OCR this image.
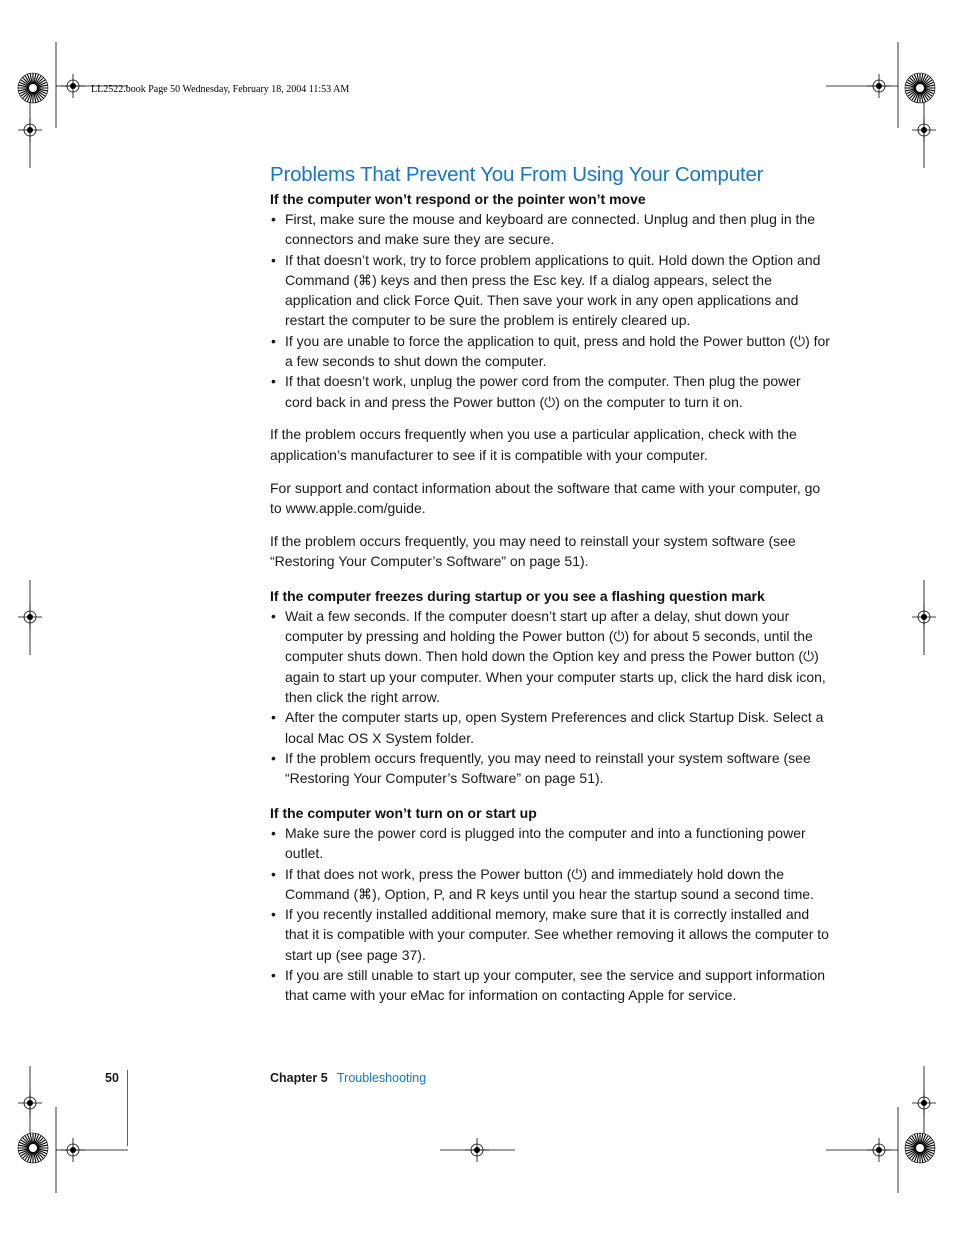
LL2522.book Page 50 Wednesday, February 18, 2004 11:53 AM
Problems That Prevent You From Using Your Computer
If the computer won’t respond or the pointer won’t move
• First, make sure the mouse and keyboard are connected. Unplug and then plug in the connectors and make sure they are secure.
• If that doesn’t work, try to force problem applications to quit. Hold down the Option and Command (⌘) keys and then press the Esc key. If a dialog appears, select the application and click Force Quit. Then save your work in any open applications and restart the computer to be sure the problem is entirely cleared up.
• If you are unable to force the application to quit, press and hold the Power button (⏻) for a few seconds to shut down the computer.
• If that doesn’t work, unplug the power cord from the computer. Then plug the power cord back in and press the Power button (⏻) on the computer to turn it on.

If the problem occurs frequently when you use a particular application, check with the application’s manufacturer to see if it is compatible with your computer.

For support and contact information about the software that came with your computer, go to www.apple.com/guide.

If the problem occurs frequently, you may need to reinstall your system software (see “Restoring Your Computer’s Software” on page 51).

If the computer freezes during startup or you see a flashing question mark
• Wait a few seconds. If the computer doesn’t start up after a delay, shut down your computer by pressing and holding the Power button (⏻) for about 5 seconds, until the computer shuts down. Then hold down the Option key and press the Power button (⏻) again to start up your computer. When your computer starts up, click the hard disk icon, then click the right arrow.
• After the computer starts up, open System Preferences and click Startup Disk. Select a local Mac OS X System folder.
• If the problem occurs frequently, you may need to reinstall your system software (see “Restoring Your Computer’s Software” on page 51).
If the computer won’t turn on or start up
• Make sure the power cord is plugged into the computer and into a functioning power outlet.
• If that does not work, press the Power button (⏻) and immediately hold down the Command (⌘), Option, P, and R keys until you hear the startup sound a second time.
• If you recently installed additional memory, make sure that it is correctly installed and that it is compatible with your computer. See whether removing it allows the computer to start up (see page 37).
• If you are still unable to start up your computer, see the service and support information that came with your eMac for information on contacting Apple for service.
50	Chapter 5 Troubleshooting
